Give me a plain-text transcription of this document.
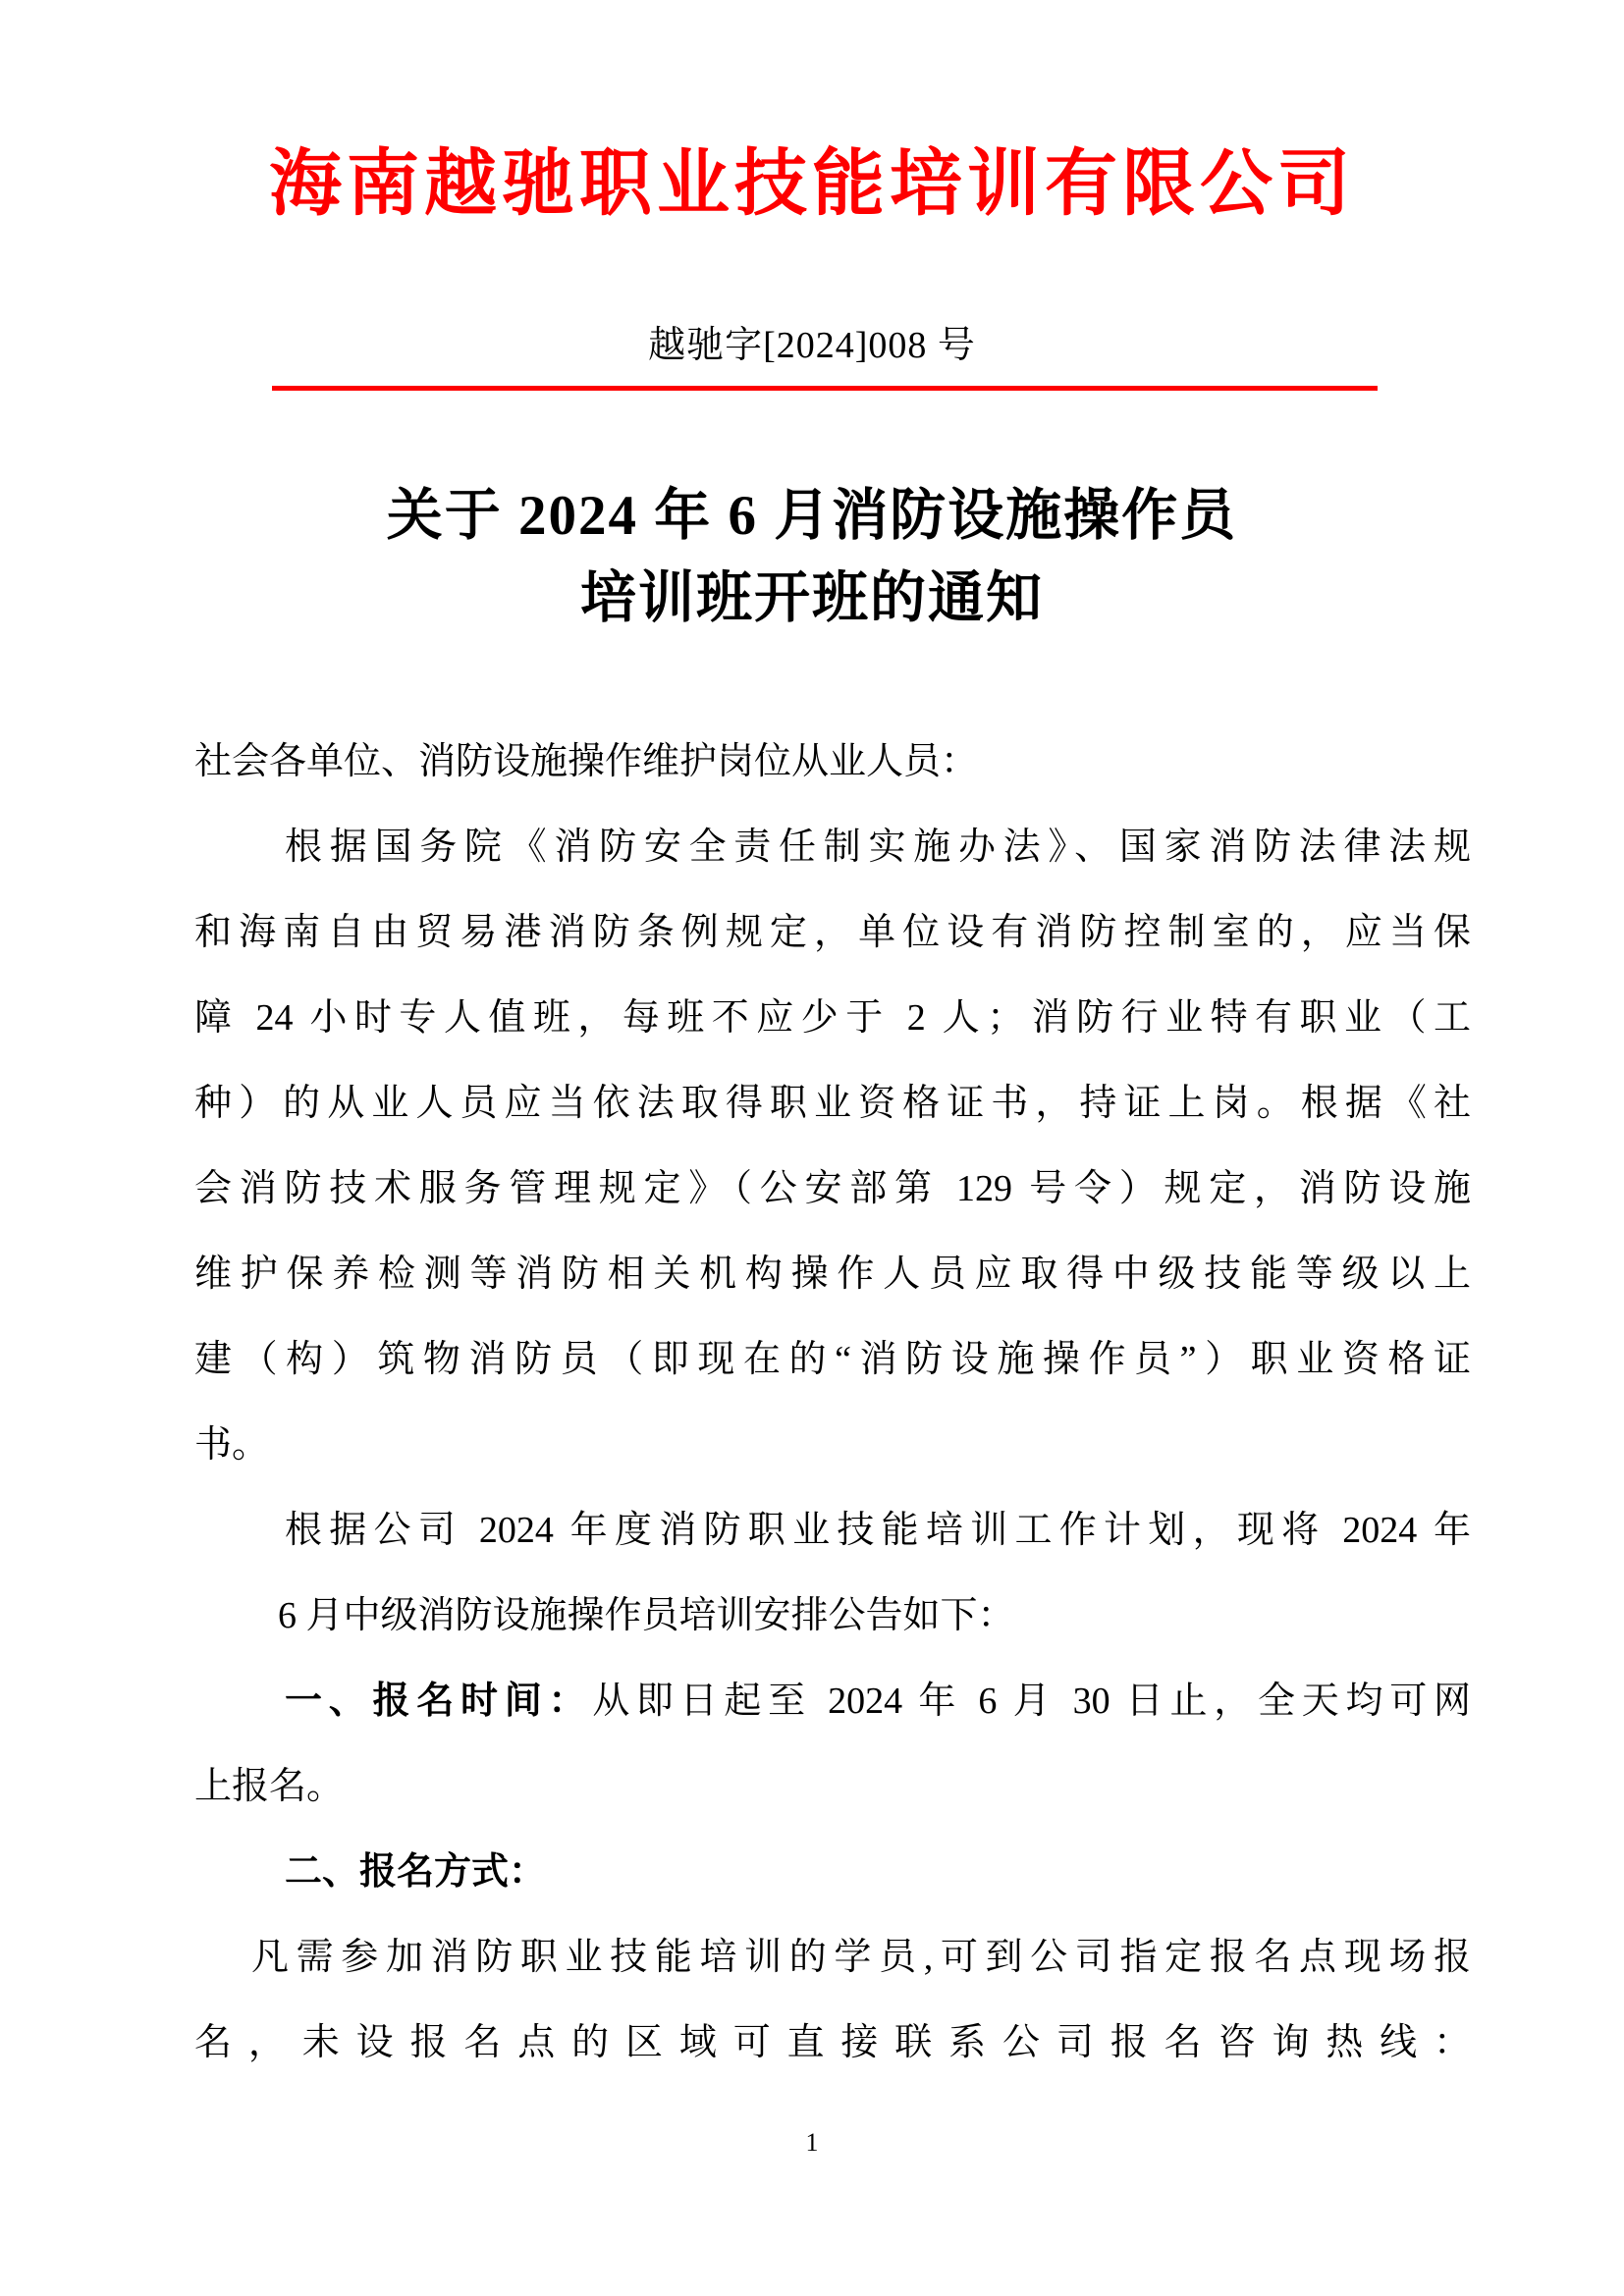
海南越驰职业技能培训有限公司
越驰字[2024]008 号
关于 2024 年 6 月消防设施操作员
培训班开班的通知
社会各单位、消防设施操作维护岗位从业人员：
根据国务院《消防安全责任制实施办法》、国家消防法律法规
和海南自由贸易港消防条例规定，单位设有消防控制室的，应当保
障 24 小时专人值班，每班不应少于 2 人；消防行业特有职业（工
种）的从业人员应当依法取得职业资格证书，持证上岗。根据《社
会消防技术服务管理规定》（公安部第 129 号令）规定，消防设施
维护保养检测等消防相关机构操作人员应取得中级技能等级以上
建（构）筑物消防员（即现在的“消防设施操作员”）职业资格证
书。
根据公司 2024 年度消防职业技能培训工作计划，现将 2024 年
6 月中级消防设施操作员培训安排公告如下：
一、报名时间：从即日起至 2024 年 6 月 30 日止，全天均可网
上报名。
二、报名方式：
凡需参加消防职业技能培训的学员,可到公司指定报名点现场报
名，未设报名点的区域可直接联系公司报名咨询热线：
1
